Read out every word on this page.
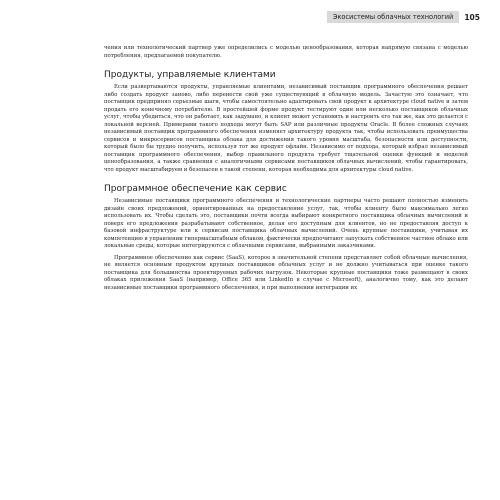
Экосистемы облачных технологий	105

чения или технологический партнер уже определились с моделью ценообразования, которая напрямую связана с моделью потребления, предлагаемой покупателю.

Продукты, управляемые клиентами

Если развертываются продукты, управляемые клиентами, независимый поставщик программного обеспечения решает либо создать продукт заново, либо перенести свой уже существующий в облачную модель. Зачастую это означает, что поставщик предпринял серьезные шаги, чтобы самостоятельно адаптировать свой продукт к архитектуре cloud native и затем продать его конечному потребителю. В простейшей форме продукт тестируют один или несколько поставщиков облачных услуг, чтобы убедиться, что он работает, как задумано, и клиент может установить и настроить его так же, как это делается с локальной версией. Примерами такого подхода могут быть SAP или различные продукты Oracle. В более сложных случаях независимый поставщик программного обеспечения изменяет архитектуру продукта так, чтобы использовать преимущества сервисов и микросервисов поставщика облака для достижения такого уровня масштаба, безопасности или доступности, который было бы трудно получить, используя тот же продукт офлайн. Независимо от подхода, который избрал независимый поставщик программного обеспечения, выбор правильного продукта требует тщательной оценки функций и моделей ценообразования, а также сравнения с аналогичными сервисами поставщиков облачных вычислений, чтобы гарантировать, что продукт масштабируем и безопасен в такой степени, которая необходима для архитектуры cloud native.

Программное обеспечение как сервис

Независимые поставщики программного обеспечения и технологические партнеры часто решают полностью изменить дизайн своих предложений, ориентированных на предоставление услуг, так, чтобы клиенту было максимально легко использовать их. Чтобы сделать это, поставщики почти всегда выбирают конкретного поставщика облачных вычислений и поверх его предложения разрабатывают собственное, делая его доступным для клиентов, но не предоставляя доступ к базовой инфраструктуре или к сервисам поставщика облачных вычислений. Очень крупные поставщики, учитывая их компетенцию в управлении гипермасштабным облаком, фактически предпочитают запускать собственное частное облако или локальные среды, которые интегрируются с облачными сервисами, выбранными заказчиками.

Программное обеспечение как сервис (SaaS), которое в значительной степени представляет собой облачные вычисления, не является основным продуктом крупных поставщиков облачных услуг и не должно учитываться при оценке такого поставщика для большинства проектируемых рабочих нагрузок. Некоторые крупные поставщики тоже размещают в своих облаках приложения SaaS (например, Office 365 или LinkedIn в случае с Microsoft), аналогично тому, как это делают независимые поставщики программного обеспечения, и при выполнении интеграции их
